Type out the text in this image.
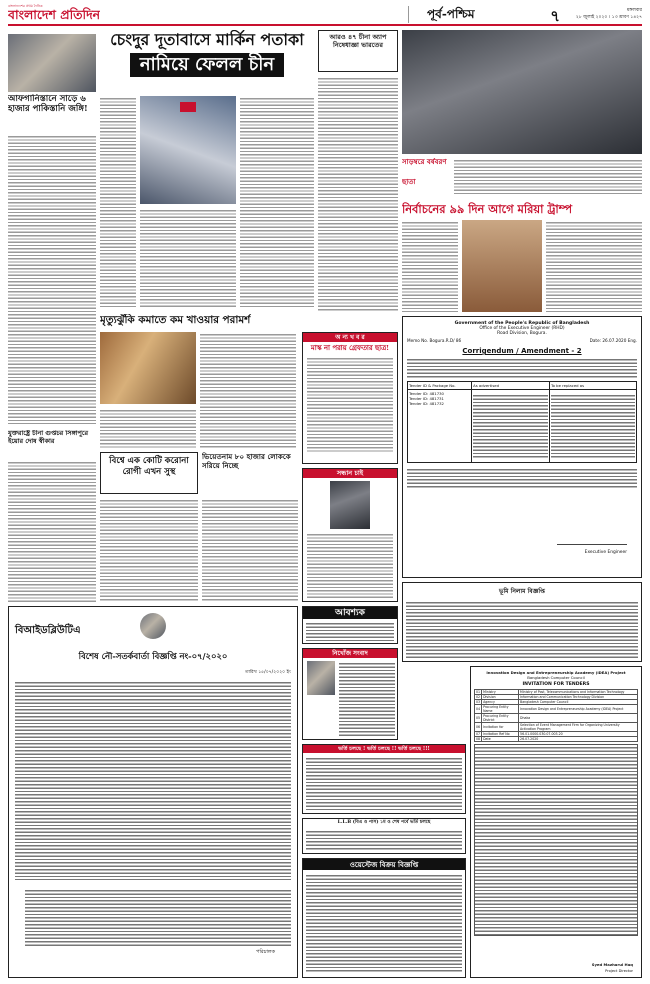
বাংলাদেশের প্রথম দৈনিক
বাংলাদেশ প্রতিদিন	পূর্ব-পশ্চিম	৭	মঙ্গলবার
২৮ জুলাই ২০২০ । ১৩ শ্রাবণ ১৪২৭
আফগানিস্তানে সাড়ে ৬ হাজার পাকিস্তানি জঙ্গি!
যুক্তরাষ্ট্রে চীনা গুপ্তচর সিঙ্গাপুরে ইয়োর দোষ স্বীকার
চেংদুর দূতাবাসে মার্কিন পতাকা
নামিয়ে ফেলল চীন
আরও ৪৭ চীনা অ্যাপ নিষেধাজ্ঞা ভারতের
সাড়ম্বরে বর্ষবরণ
ছাতা
নির্বাচনের ৯৯ দিন আগে মরিয়া ট্রাম্প
মৃত্যুঝুঁকি কমাতে কম খাওয়ার পরামর্শ
অ ন্য খ ব র
মাস্ক না পরায় গ্রেফতার ছাত্র!
বিশ্বে এক কোটি করোনা রোগী এখন সুস্থ
ভিয়েতনাম ৮০ হাজার লোককে সরিয়ে নিচ্ছে
সন্ধান চাই
Government of the People's Republic of Bangladesh
Office of the Executive Engineer (RHD)
Road Division, Bogura.
Memo No. Bogura.R.D/ 86	Date: 26.07.2020 Eng.
Corrigendum / Amendment - 2
Tender ID & Package No.	As advertised	To be replaced as

Tender ID: 481730
Tender ID: 481731
Tender ID: 481732		

Executive Engineer
আবশ্যক
নিখোঁজ সংবাদ
ভূমি নিলাম বিজ্ঞপ্তি
বিআইডব্লিউটিএ
বিশেষ নৌ-সতর্কবার্তা বিজ্ঞপ্তি নং-০৭/২০২০
তারিখ ১৫/০৭/২০২০ ইং
পরিচালক
ভর্তি চলছে ! ভর্তি চলছে !! ভর্তি চলছে !!!
L.L.B (বিএ ও পাস) ১ম ও শেষ পর্বে ভর্তি চলছে
ওয়েস্টেজ বিক্রয় বিজ্ঞপ্তি
Innovation Design and Entrepreneurship Academy (iDEA) Project
Bangladesh Computer Council
INVITATION FOR TENDERS
01	Ministry	Ministry of Post, Telecommunications and Information Technology
02	Division	Information and Communication Technology Division
03	Agency	Bangladesh Computer Council
04	Procuring Entity Name	Innovation Design and Entrepreneurship Academy (iDEA) Project
05	Procuring Entity District	Dhaka
06	Invitation for	Selection of Event Management Firm for Organizing University Activation Program
07	Invitation Ref No	56.01.0000.030.07.003.20
08	Date	26.07.2020
Syed Mazharul Haq
Project Director
